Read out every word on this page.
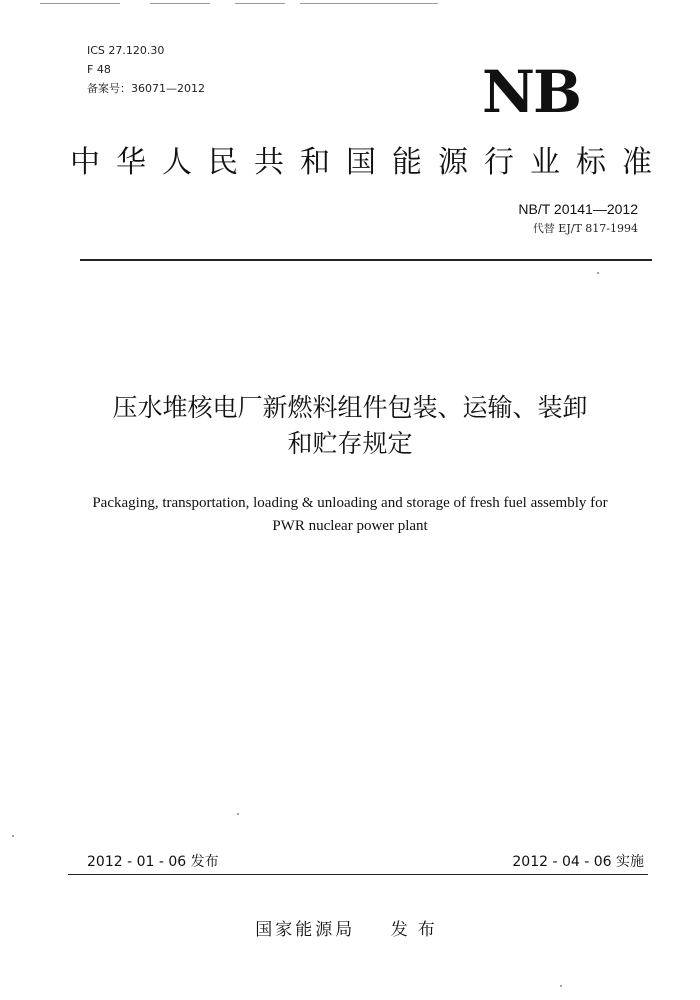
ICS 27.120.30
F 48
备案号：36071—2012	NB
中华人民共和国能源行业标准
NB/T 20141—2012
代替 EJ/T 817-1994
压水堆核电厂新燃料组件包装、运输、装卸
和贮存规定
Packaging, transportation, loading & unloading and storage of fresh fuel assembly for
PWR nuclear power plant
2012 - 01 - 06 发布	2012 - 04 - 06 实施
国家能源局 发布
